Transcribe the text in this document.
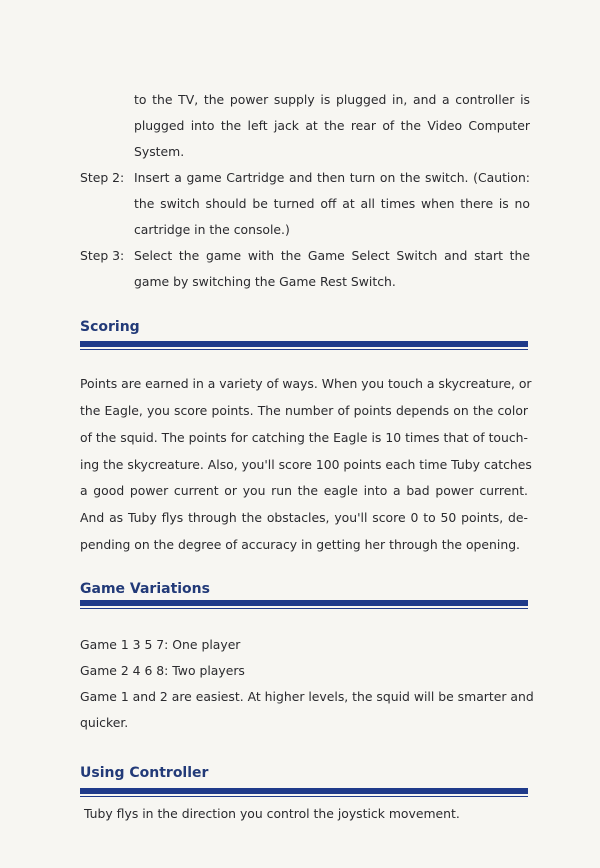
to the TV, the power supply is plugged in, and a controller is

plugged into the left jack at the rear of the Video Computer

System.

Step 2: Insert a game Cartridge and then turn on the switch. (Caution:

the switch should be turned off at all times when there is no

cartridge in the console.)

Step 3: Select the game with the Game Select Switch and start the

game by switching the Game Rest Switch.

Scoring

Points are earned in a variety of ways. When you touch a skycreature, or

the Eagle, you score points. The number of points depends on the color

of the squid. The points for catching the Eagle is 10 times that of touch-

ing the skycreature. Also, you'll score 100 points each time Tuby catches

a good power current or you run the eagle into a bad power current.

And as Tuby flys through the obstacles, you'll score 0 to 50 points, de-

pending on the degree of accuracy in getting her through the opening.

Game Variations

Game 1 3 5 7: One player

Game 2 4 6 8: Two players

Game 1 and 2 are easiest. At higher levels, the squid will be smarter and

quicker.

Using Controller

Tuby flys in the direction you control the joystick movement.
